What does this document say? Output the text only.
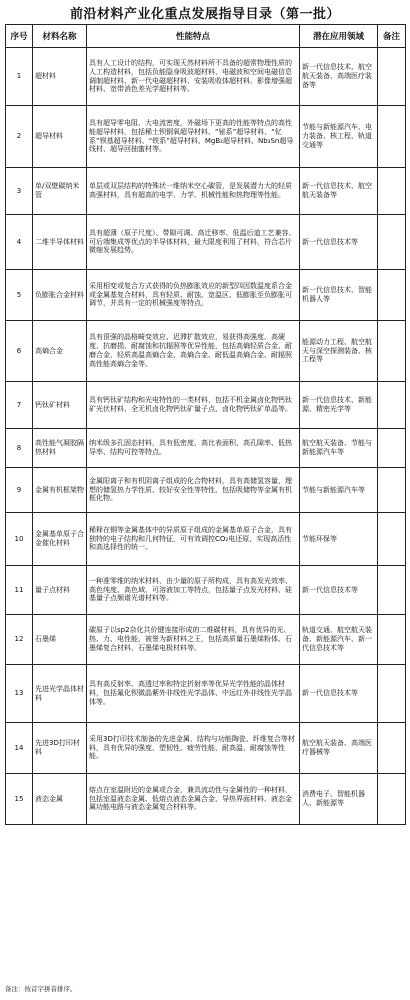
前沿材料产业化重点发展指导目录（第一批）
序号	材料名称	性能特点	潜在应用领域	备注
1	超材料	具有人工设计的结构，可实现天然材料所不具备的超常物理性质的人工构造材料，包括负能隐身吸波超材料、电磁波和空间电磁信息调制超材料、新一代电磁超材料、安装吸收体超材料、影像增强超材料、宽带消色差光学超材料等。	新一代信息技术、航空航天装备、高端医疗装备等	
2	超导材料	具有超导零电阻、大电流密度，外磁场下更高的性能等特点的高性能超导材料，包括稀土钡铜氧超导材料、“铋系”超导材料、“钇系”钡基超导材料、“铁系”超导材料、MgB₂超导材料、Nb₃Sn超导线材、超导回抽蜜材等。	节能与新能源汽车、电力装备、核工程、轨道交通等	
3	单/双壁碳纳米管	单层或双层结构的特殊状一维纳米空心碳管，是发展潜力大的轻质高强材料，具有超高的电学、力学、机械性能和热物理等性能。	新一代信息技术、航空航天装备等	
4	二维半导体材料	具有超薄（原子尺度）、带隙可调、高迁移率、低温后道工艺兼容、可后端集成等优点的半导体材料，最大限度利用了材料，符合芯片微缩发展趋势。	新一代信息技术等	
5	负膨胀合金材料	采用相变或复合方式获得的负热膨胀效应的新型四因数温度系合金或金属基复合材料，具有轻质、耐蚀、宽温区、低膨胀至负膨胀可调节，并具有一定的机械强度等特点。	新一代信息技术、智能机器人等	
6	高熵合金	具有很强的晶格畸变效应、迟滞扩散效应，易获得高强度、高硬度、抗磨损、耐腐蚀和抗辐照等优异性能，包括高熵轻质合金、耐磨合金、轻质高温高熵合金、高熵合金、耐低温高熵合金、耐辐照高性能高熵合金等。	能源动力工程、航空航天与深空探测装备、核工程等	
7	钙钛矿材料	具有钙钛矿结构和光电特性的一类材料，包括不机金属卤化物钙钛矿光伏材料、全无机卤化物钙钛矿量子点、卤化物钙钛矿单晶等。	新一代信息技术、新能源、精密光学等	
8	高性能气凝胶隔热材料	纳米级多孔固态材料，具有低密度、高比表面积、高孔隙率、低热导率、结构可控等特点。	航空航天装备、节能与新能源汽车等	
9	金属有机框架物	金属阳离子和有机阴离子组成的化合物材料，具有高储氢容量、理想的储氢热力学性质、较好安全性等特性，包括吸储物等金属有机框化物。	节能与新能源汽车等	
10	金属基单原子合金催化材料	稀释在铜等金属基体中的异质原子组成的金属基单原子合金，具有独特的电子结构和几何特征，可有效调控CO₂电还原，实现高活性和高选择性的统一。	节能环保等	
11	量子点材料	一种准零维的纳米材料，由少量的原子所构成，具有高发光效率、高色纯度、高色域、可溶液加工等特点，包括量子点发光材料、硅基量子点频谱光谱材料等。	新一代信息技术等	
12	石墨烯	碳原子以sp2杂化共价键连接形成的二维碳材料，具有优异的光、热、力、电性能，被誉为新材料之王，包括高质量石墨烯粉体、石墨烯复合材料、石墨烯电极材料等。	轨道交通、航空航天装备、新能源汽车、新一代信息技术等	
13	先进光学晶体材料	具有高反射率、高透过率和特定折射率等优异光学性能的晶体材料，包括氟化钡微晶紫外非线性光学晶体、中远红外非线性光学晶体等。	新一代信息技术等	
14	先进3D打印材料	采用3D打印技术制备的先进金属、结构与功能陶瓷、纤维复合等材料，具有优异的强度、塑韧性、疲劳性能、耐高温、耐腐蚀等性能。	航空航天装备、高端医疗器械等	
15	液态金属	熔点在室温附近的金属或合金，兼具流动性与金属性的一种材料，包括室温液态金属、低熔点液态金属合金、导热界面材料、液态金属功能电路与液态金属复合材料等。	消费电子、智能机器人、新能源等	
备注：按首字拼音排序。
